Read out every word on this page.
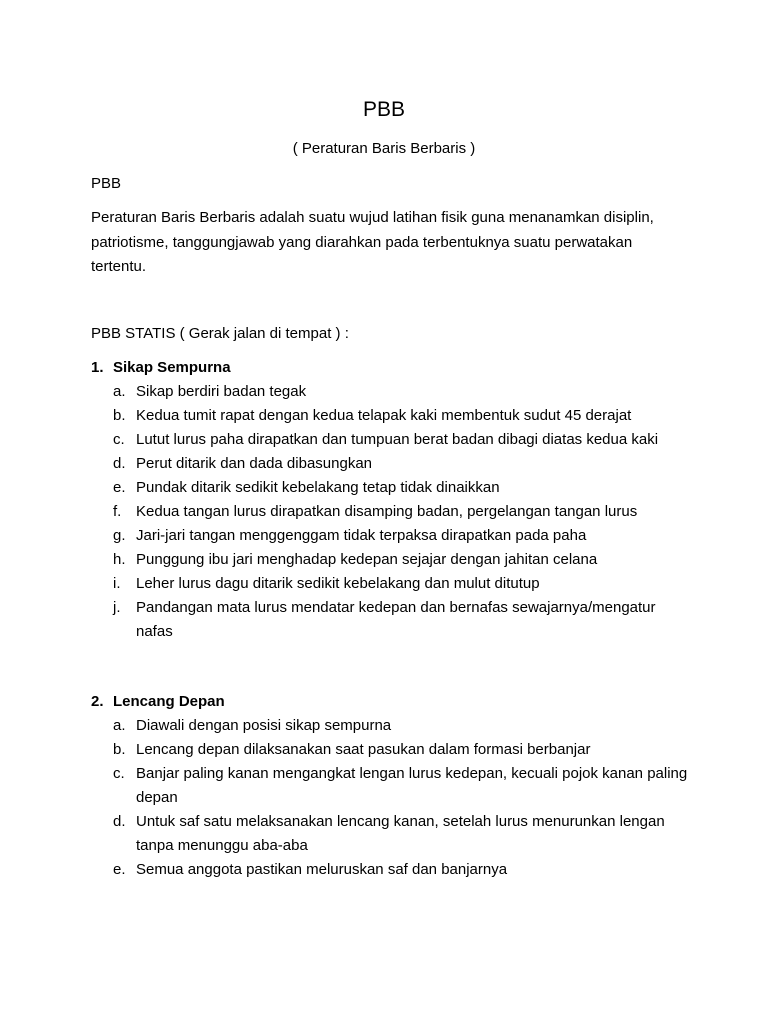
PBB

( Peraturan Baris Berbaris )

PBB

Peraturan Baris Berbaris adalah suatu wujud latihan fisik guna menanamkan disiplin, patriotisme, tanggungjawab yang diarahkan pada terbentuknya suatu perwatakan tertentu.

PBB STATIS ( Gerak jalan di tempat ) :

1. Sikap Sempurna
a. Sikap berdiri badan tegak
b. Kedua tumit rapat dengan kedua telapak kaki membentuk sudut 45 derajat
c. Lutut lurus paha dirapatkan dan tumpuan berat badan dibagi diatas kedua kaki
d. Perut ditarik dan dada dibasungkan
e. Pundak ditarik sedikit kebelakang tetap tidak dinaikkan
f. Kedua tangan lurus dirapatkan disamping badan, pergelangan tangan lurus
g. Jari-jari tangan menggenggam tidak terpaksa dirapatkan pada paha
h. Punggung ibu jari menghadap kedepan sejajar dengan jahitan celana
i.	Leher lurus dagu ditarik sedikit kebelakang dan mulut ditutup
j.	Pandangan mata lurus mendatar kedepan dan bernafas sewajarnya/mengatur nafas
2. Lencang Depan
a. Diawali dengan posisi sikap sempurna
b. Lencang depan dilaksanakan saat pasukan dalam formasi berbanjar
c. Banjar paling kanan mengangkat lengan lurus kedepan, kecuali pojok kanan paling depan
d. Untuk saf satu melaksanakan lencang kanan, setelah lurus menurunkan lengan tanpa menunggu aba-aba
e. Semua anggota pastikan meluruskan saf dan banjarnya
